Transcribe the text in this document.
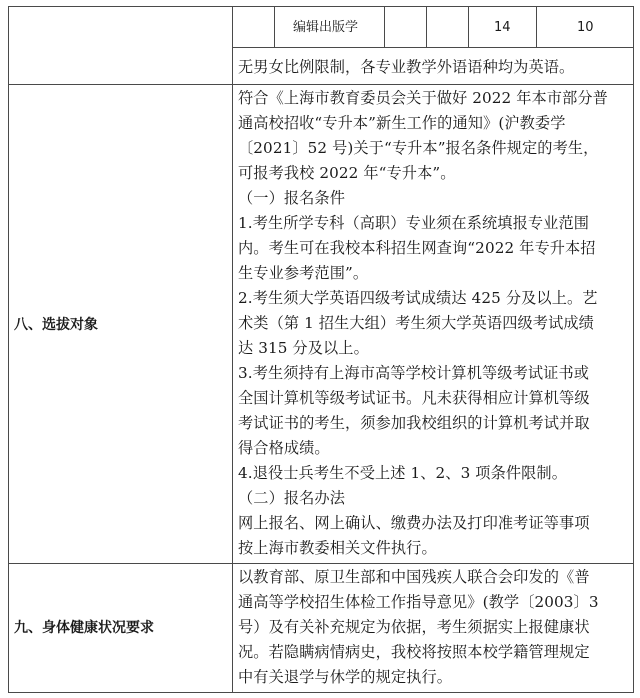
编辑出版学	14	10
无男女比例限制，各专业教学外语语种均为英语。
八、选拔对象
九、身体健康状况要求
符合《上海市教育委员会关于做好 2022 年本市部分普
通高校招收“专升本”新生工作的通知》(沪教委学
〔2021〕52 号)关于“专升本”报名条件规定的考生，
可报考我校 2022 年“专升本”。
（一）报名条件
1.考生所学专科（高职）专业须在系统填报专业范围
内。考生可在我校本科招生网查询“2022 年专升本招
生专业参考范围”。
2.考生须大学英语四级考试成绩达 425 分及以上。艺
术类（第 1 招生大组）考生须大学英语四级考试成绩
达 315 分及以上。
3.考生须持有上海市高等学校计算机等级考试证书或
全国计算机等级考试证书。凡未获得相应计算机等级
考试证书的考生，须参加我校组织的计算机考试并取
得合格成绩。
4.退役士兵考生不受上述 1、2、3 项条件限制。
（二）报名办法
网上报名、网上确认、缴费办法及打印准考证等事项
按上海市教委相关文件执行。
以教育部、原卫生部和中国残疾人联合会印发的《普
通高等学校招生体检工作指导意见》(教学〔2003〕3
号）及有关补充规定为依据，考生须据实上报健康状
况。若隐瞒病情病史，我校将按照本校学籍管理规定
中有关退学与休学的规定执行。
